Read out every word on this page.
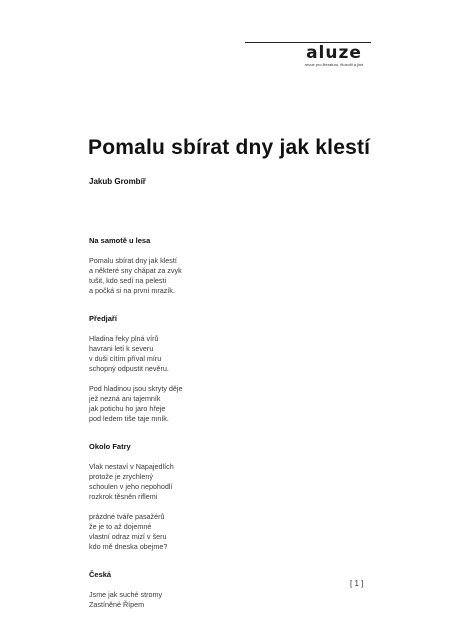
aluze
revue pro literaturu, filozofii a jiné
Pomalu sbírat dny jak klestí
Jakub Grombíř

Na samotě u lesa

Pomalu sbírat dny jak klestí
a některé sny chápat za zvyk
tušit, kdo sedí na pelesti
a počká si na první mrazík.

Předjaří

Hladina řeky plná vírů
havrani letí k severu
v duši cítím příval míru
schopný odpustit nevěru.

Pod hladinou jsou skryty děje
jež nezná ani tajemník
jak potichu ho jaro hřeje
pod ledem tiše taje mník.

Okolo Fatry

Vlak nestaví v Napajedlích
protože je zrychlený
schoulen v jeho nepohodlí
rozkrok těsněn riflemi

prázdné tváře pasažérů
že je to až dojemné
vlastní odraz mizí v šeru
kdo mě dneska obejme?

Česká

Jsme jak suché stromy
Zastíněné Řípem

[ 1 ]
